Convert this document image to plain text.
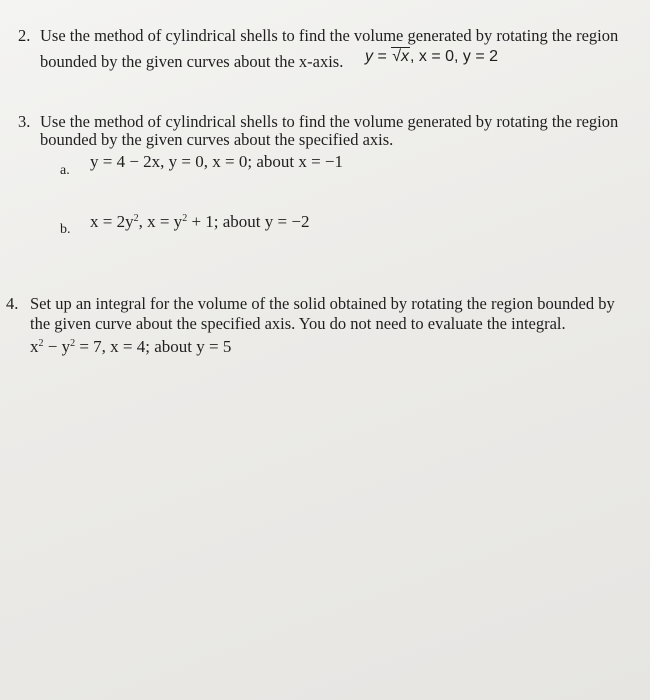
2. Use the method of cylindrical shells to find the volume generated by rotating the region
bounded by the given curves about the x-axis. y = √x, x = 0, y = 2
3. Use the method of cylindrical shells to find the volume generated by rotating the region
bounded by the given curves about the specified axis.
a. y = 4 − 2x, y = 0, x = 0; about x = −1
b. $x = 2y^2$, $x = y^2 + 1$; about y = −2
4. Set up an integral for the volume of the solid obtained by rotating the region bounded by
the given curve about the specified axis. You do not need to evaluate the integral.
$x^2 - y^2 = 7$, x = 4; about y = 5
